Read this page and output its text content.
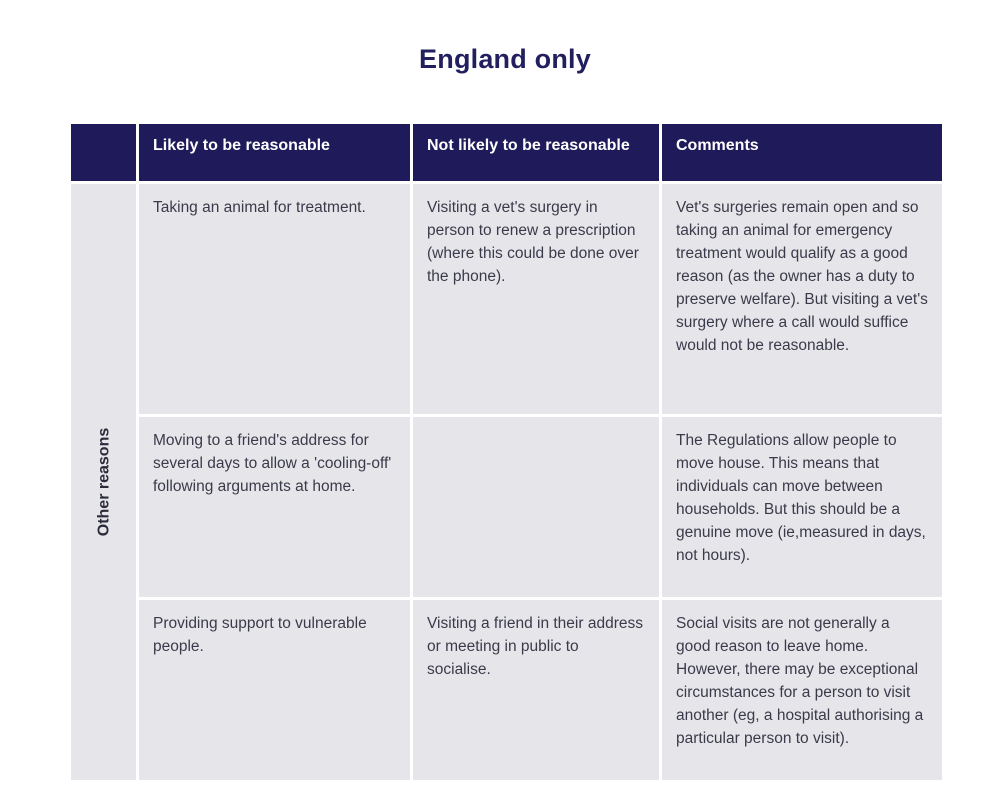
England only
	Likely to be reasonable	Not likely to be reasonable	Comments

Other reasons	Taking an animal for treatment.	Visiting a vet's surgery in person to renew a prescription (where this could be done over the phone).	Vet's surgeries remain open and so taking an animal for emergency treatment would qualify as a good reason (as the owner has a duty to preserve welfare). But visiting a vet's surgery where a call would suffice would not be reasonable.
	Moving to a friend's address for several days to allow a 'cooling-off' following arguments at home.		The Regulations allow people to move house. This means that individuals can move between households. But this should be a genuine move (ie,measured in days, not hours).
	Providing support to vulnerable people.	Visiting a friend in their address or meeting in public to socialise.	Social visits are not generally a good reason to leave home. However, there may be exceptional circumstances for a person to visit another (eg, a hospital authorising a particular person to visit).
